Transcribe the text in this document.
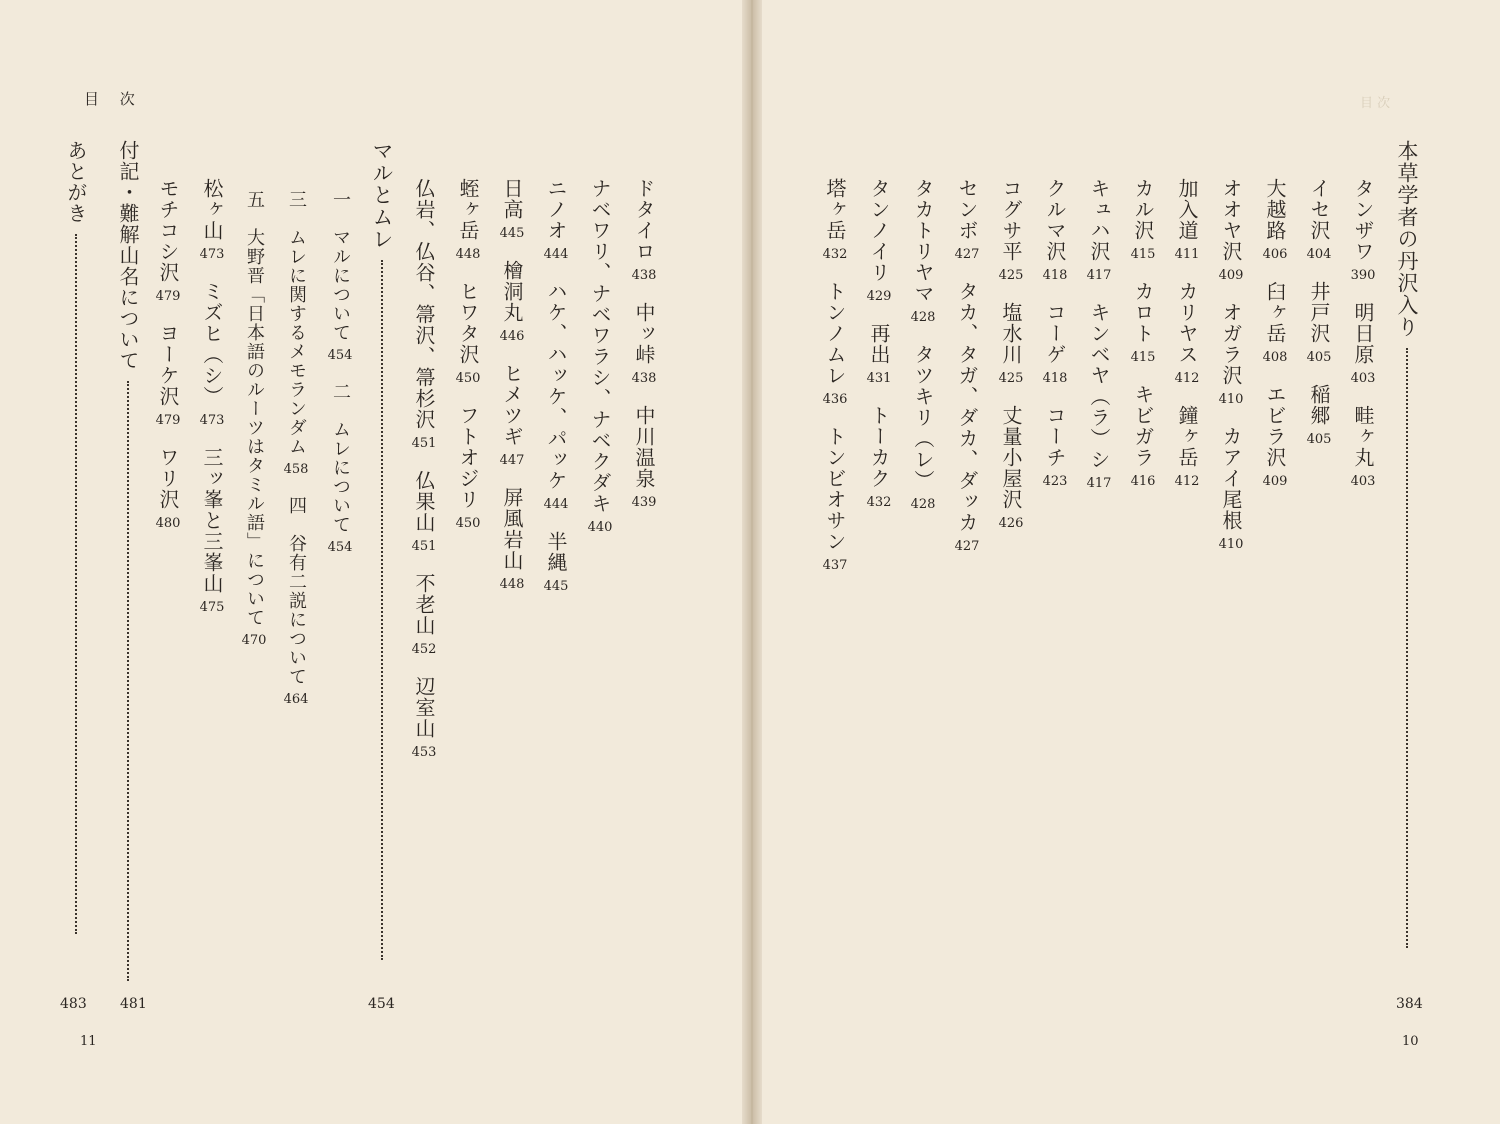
目 次
目 次
11	10
本草学者の丹沢入り
384
タンザワ
390
明日原
403
畦ヶ丸
403
イセ沢
404
井戸沢
405
稲郷
405
大越路
406
臼ヶ岳
408
エビラ沢
409
オオヤ沢
409
オガラ沢
410
カアイ尾根
410
加入道
411
カリヤス
412
鐘ヶ岳
412
カル沢
415
カロト
415
キビガラ
416
キュハ沢
417
キンベヤ（ラ）シ
417
クルマ沢
418
コーゲ
418
コーチ
423
コグサ平
425
塩水川
425
丈量小屋沢
426
センボ
427
タカ、タガ、ダカ、ダッカ
427
タカトリヤマ
428
タツキリ（レ）
428
タンノイリ
429
再出
431
トーカク
432
塔ヶ岳
432
トンノムレ
436
トンビオサン
437
ドタイロ
438
中ッ峠
438
中川温泉
439
ナベワリ、ナベワラシ、ナベクダキ
440
ニノオ
444
ハケ、ハッケ、パッケ
444
半縄
445
日高
445
檜洞丸
446
ヒメツギ
447
屏風岩山
448
蛭ヶ岳
448
ヒワタ沢
450
フトオジリ
450
仏岩、仏谷、箒沢、箒杉沢
451
仏果山
451
不老山
452
辺室山
453
マルとムレ
454
一　マルについて
454
二　ムレについて
454
三　ムレに関するメモランダム
458
四　谷有二説について
464
五　大野晋「日本語のルーツはタミル語」について
470
松ヶ山
473
ミズヒ（シ）
473
三ッ峯と三峯山
475
モチコシ沢
479
ヨーケ沢
479
ワリ沢
480
付記・難解山名について
481
あとがき
483
